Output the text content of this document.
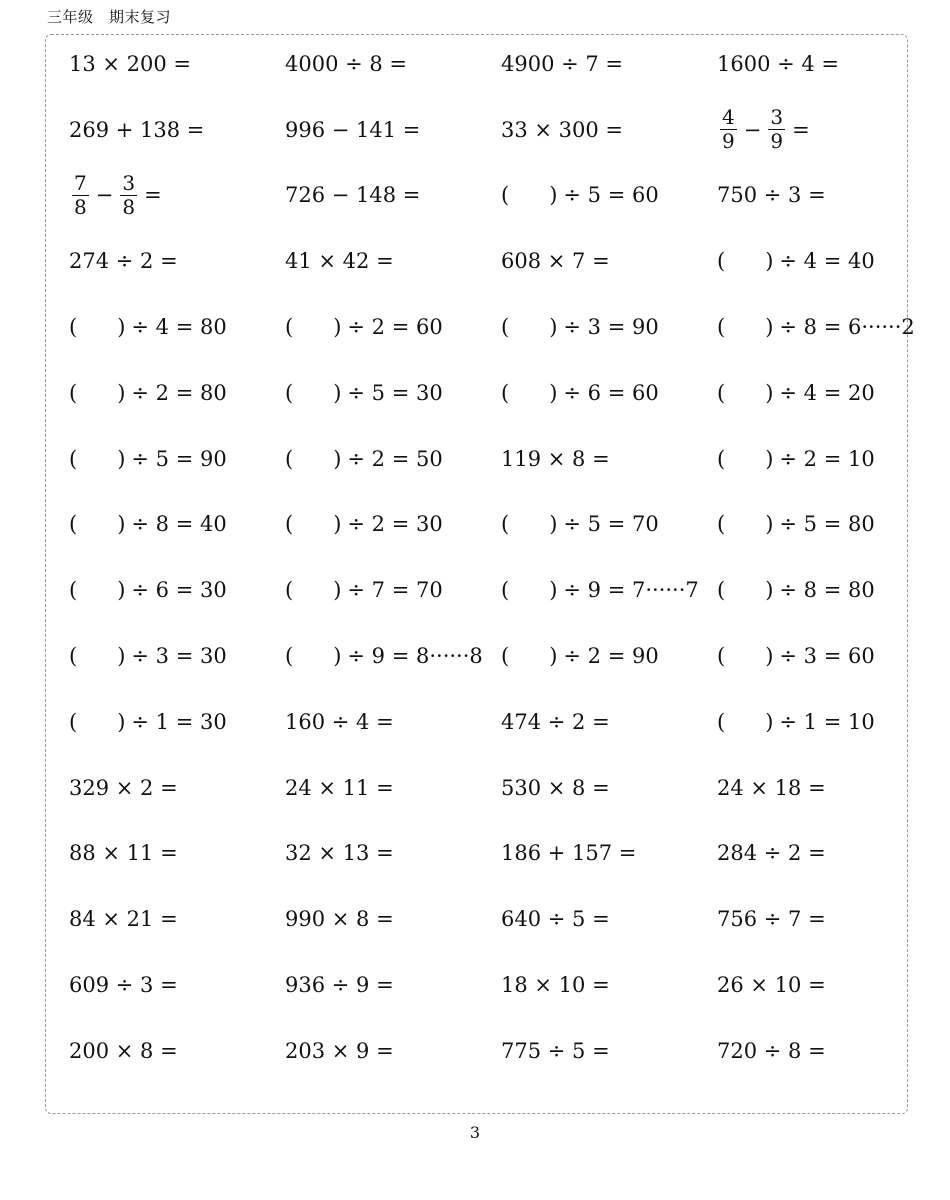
三年级　期末复习
13 × 200 =	4000 ÷ 8 =	4900 ÷ 7 =	1600 ÷ 4 =
269 + 138 =	996 − 141 =	33 × 300 =	$\frac{4}{9} - \frac{3}{9}$ =
$\frac{7}{8} - \frac{3}{8}$ =	726 − 148 =	( ) ÷ 5 = 60	750 ÷ 3 =
274 ÷ 2 =	41 × 42 =	608 × 7 =	( ) ÷ 4 = 40
( ) ÷ 4 = 80	( ) ÷ 2 = 60	( ) ÷ 3 = 90	( ) ÷ 8 = 6······2
( ) ÷ 2 = 80	( ) ÷ 5 = 30	( ) ÷ 6 = 60	( ) ÷ 4 = 20
( ) ÷ 5 = 90	( ) ÷ 2 = 50	119 × 8 =	( ) ÷ 2 = 10
( ) ÷ 8 = 40	( ) ÷ 2 = 30	( ) ÷ 5 = 70	( ) ÷ 5 = 80
( ) ÷ 6 = 30	( ) ÷ 7 = 70	( ) ÷ 9 = 7······7 ( ) ÷ 8 = 80
( ) ÷ 3 = 30	( ) ÷ 9 = 8······8 ( ) ÷ 2 = 90	( ) ÷ 3 = 60
( ) ÷ 1 = 30	160 ÷ 4 =	474 ÷ 2 =	( ) ÷ 1 = 10
329 × 2 =	24 × 11 =	530 × 8 =	24 × 18 =
88 × 11 =	32 × 13 =	186 + 157 =	284 ÷ 2 =
84 × 21 =	990 × 8 =	640 ÷ 5 =	756 ÷ 7 =
609 ÷ 3 =	936 ÷ 9 =	18 × 10 =	26 × 10 =
200 × 8 =	203 × 9 =	775 ÷ 5 =	720 ÷ 8 =
3
